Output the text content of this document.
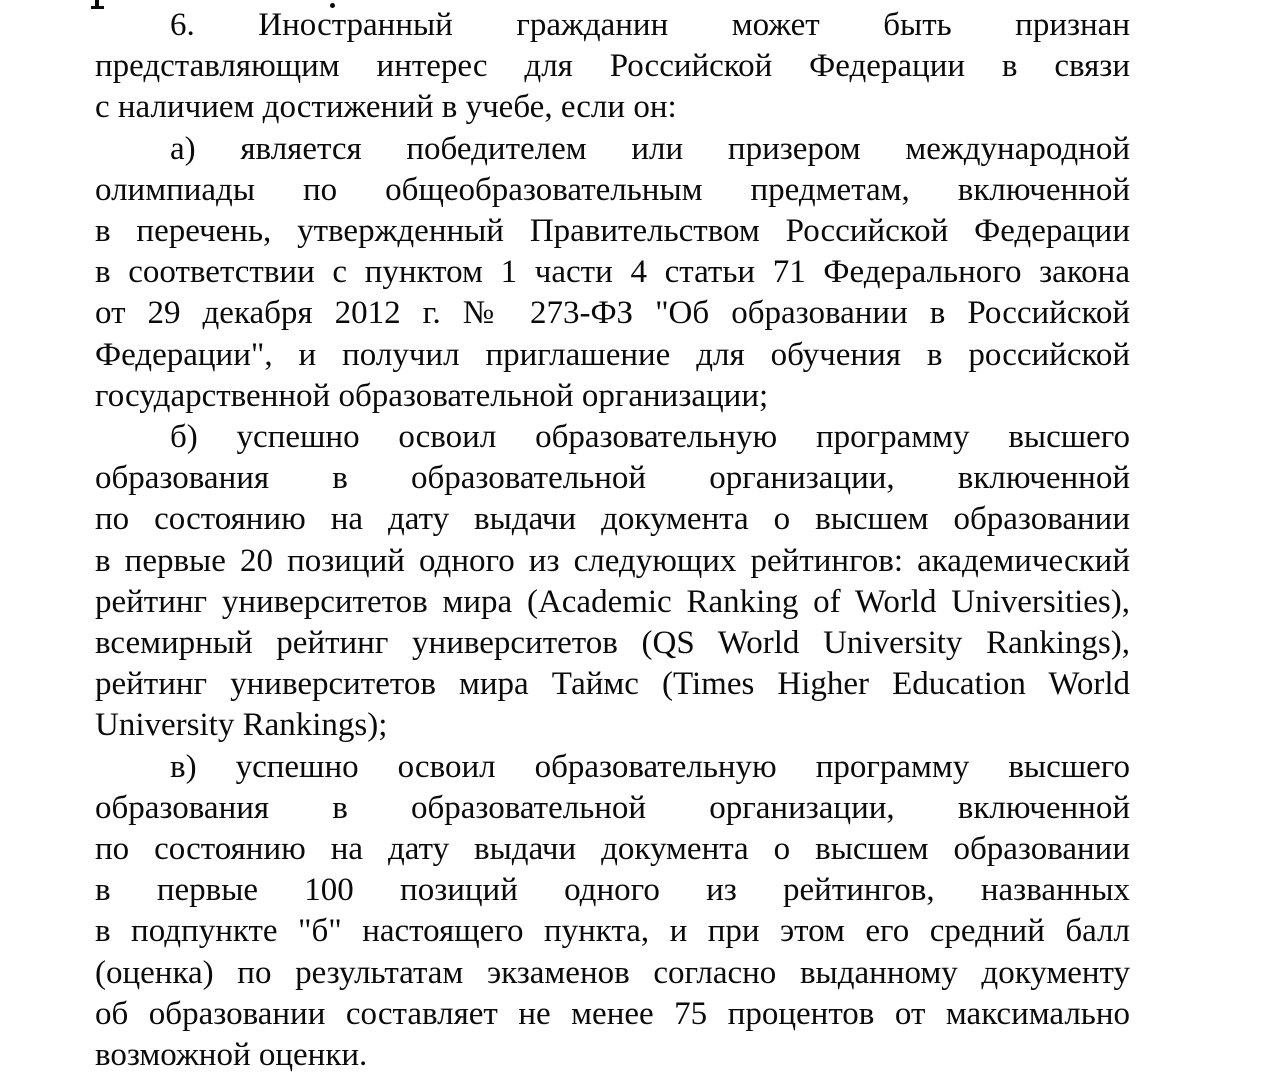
6. Иностранный гражданин может быть признан
представляющим интерес для Российской Федерации в связи
с наличием достижений в учебе, если он:
а) является победителем или призером международной
олимпиады по общеобразовательным предметам, включенной
в перечень, утвержденный Правительством Российской Федерации
в соответствии с пунктом 1 части 4 статьи 71 Федерального закона
от 29 декабря 2012 г. № 273-ФЗ "Об образовании в Российской
Федерации", и получил приглашение для обучения в российской
государственной образовательной организации;
б) успешно освоил образовательную программу высшего
образования в образовательной организации, включенной
по состоянию на дату выдачи документа о высшем образовании
в первые 20 позиций одного из следующих рейтингов: академический
рейтинг университетов мира (Academic Ranking of World Universities),
всемирный рейтинг университетов (QS World University Rankings),
рейтинг университетов мира Таймс (Times Higher Education World
University Rankings);
в) успешно освоил образовательную программу высшего
образования в образовательной организации, включенной
по состоянию на дату выдачи документа о высшем образовании
в первые 100 позиций одного из рейтингов, названных
в подпункте "б" настоящего пункта, и при этом его средний балл
(оценка) по результатам экзаменов согласно выданному документу
об образовании составляет не менее 75 процентов от максимально
возможной оценки.
